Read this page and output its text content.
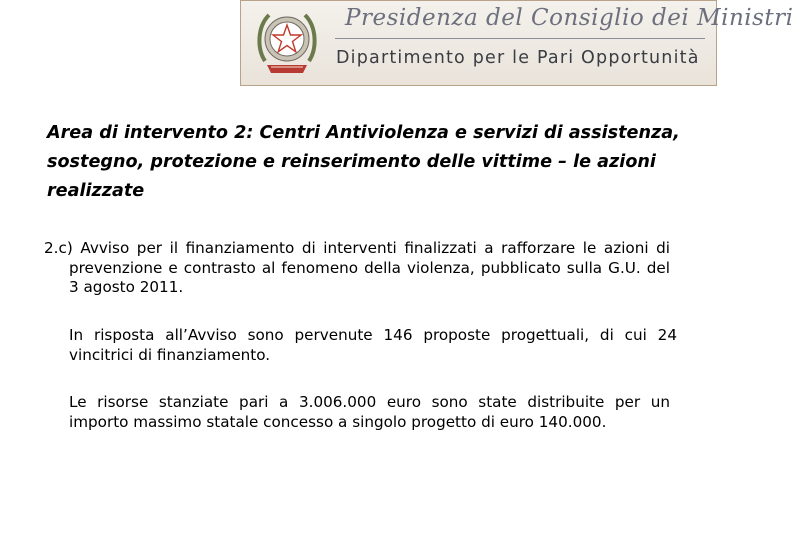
Presidenza del Consiglio dei Ministri
Dipartimento per le Pari Opportunità
Area di intervento 2: Centri Antiviolenza e servizi di assistenza, sostegno, protezione e reinserimento delle vittime – le azioni realizzate

2.c) Avviso per il finanziamento di interventi finalizzati a rafforzare le azioni di prevenzione e contrasto al fenomeno della violenza, pubblicato sulla G.U. del 3 agosto 2011.

In risposta all’Avviso sono pervenute 146 proposte progettuali, di cui 24 vincitrici di finanziamento.

Le risorse stanziate pari a 3.006.000 euro sono state distribuite per un importo massimo statale concesso a singolo progetto di euro 140.000.
